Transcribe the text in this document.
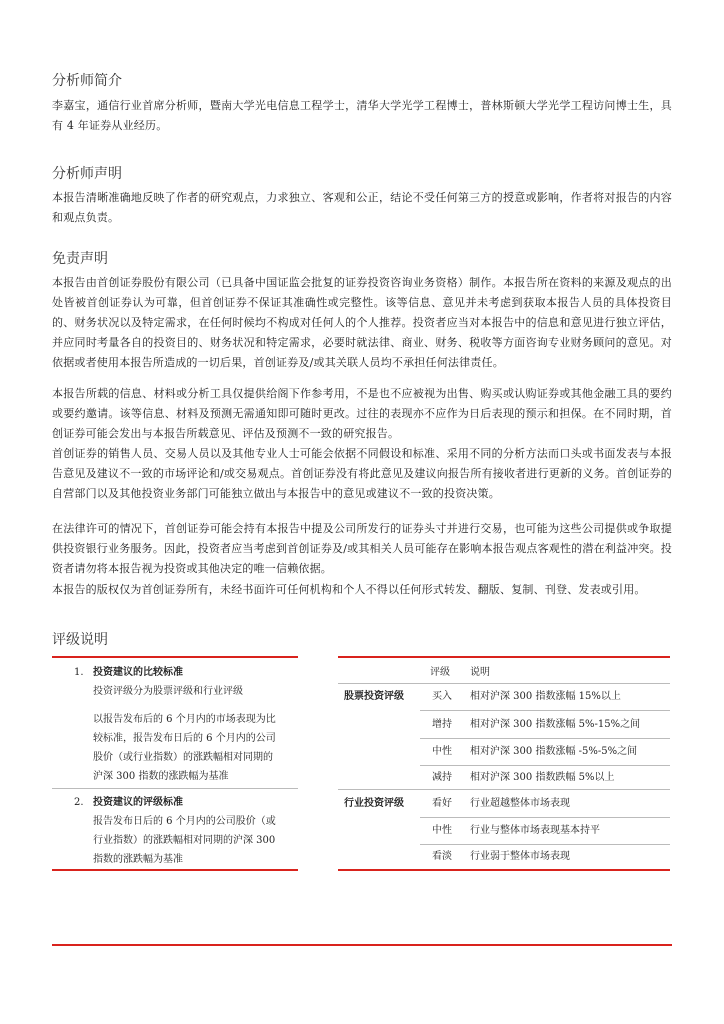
分析师简介

李嘉宝，通信行业首席分析师，暨南大学光电信息工程学士，清华大学光学工程博士，普林斯顿大学光学工程访问博士生，具有 4 年证券从业经历。

分析师声明

本报告清晰准确地反映了作者的研究观点，力求独立、客观和公正，结论不受任何第三方的授意或影响，作者将对报告的内容和观点负责。

免责声明

本报告由首创证券股份有限公司（已具备中国证监会批复的证券投资咨询业务资格）制作。本报告所在资料的来源及观点的出处皆被首创证券认为可靠，但首创证券不保证其准确性或完整性。该等信息、意见并未考虑到获取本报告人员的具体投资目的、财务状况以及特定需求，在任何时候均不构成对任何人的个人推荐。投资者应当对本报告中的信息和意见进行独立评估，并应同时考量各自的投资目的、财务状况和特定需求，必要时就法律、商业、财务、税收等方面咨询专业财务顾问的意见。对依据或者使用本报告所造成的一切后果，首创证券及/或其关联人员均不承担任何法律责任。

本报告所载的信息、材料或分析工具仅提供给阁下作参考用，不是也不应被视为出售、购买或认购证券或其他金融工具的要约或要约邀请。该等信息、材料及预测无需通知即可随时更改。过往的表现亦不应作为日后表现的预示和担保。在不同时期，首创证券可能会发出与本报告所载意见、评估及预测不一致的研究报告。

首创证券的销售人员、交易人员以及其他专业人士可能会依据不同假设和标准、采用不同的分析方法而口头或书面发表与本报告意见及建议不一致的市场评论和/或交易观点。首创证券没有将此意见及建议向报告所有接收者进行更新的义务。首创证券的自营部门以及其他投资业务部门可能独立做出与本报告中的意见或建议不一致的投资决策。

在法律许可的情况下，首创证券可能会持有本报告中提及公司所发行的证券头寸并进行交易，也可能为这些公司提供或争取提供投资银行业务服务。因此，投资者应当考虑到首创证券及/或其相关人员可能存在影响本报告观点客观性的潜在利益冲突。投资者请勿将本报告视为投资或其他决定的唯一信赖依据。

本报告的版权仅为首创证券所有，未经书面许可任何机构和个人不得以任何形式转发、翻版、复制、刊登、发表或引用。

评级说明
1. 投资建议的比较标准
投资评级分为股票评级和行业评级
以报告发布后的 6 个月内的市场表现为比
较标准，报告发布日后的 6 个月内的公司
股价（或行业指数）的涨跌幅相对同期的
沪深 300 指数的涨跌幅为基准
2. 投资建议的评级标准
报告发布日后的 6 个月内的公司股价（或
行业指数）的涨跌幅相对同期的沪深 300
指数的涨跌幅为基准
评级 说明
股票投资评级	买入 相对沪深 300 指数涨幅 15%以上
增持 相对沪深 300 指数涨幅 5%-15%之间
中性 相对沪深 300 指数涨幅 -5%-5%之间
减持 相对沪深 300 指数跌幅 5%以上
行业投资评级	看好 行业超越整体市场表现
中性 行业与整体市场表现基本持平
看淡 行业弱于整体市场表现
